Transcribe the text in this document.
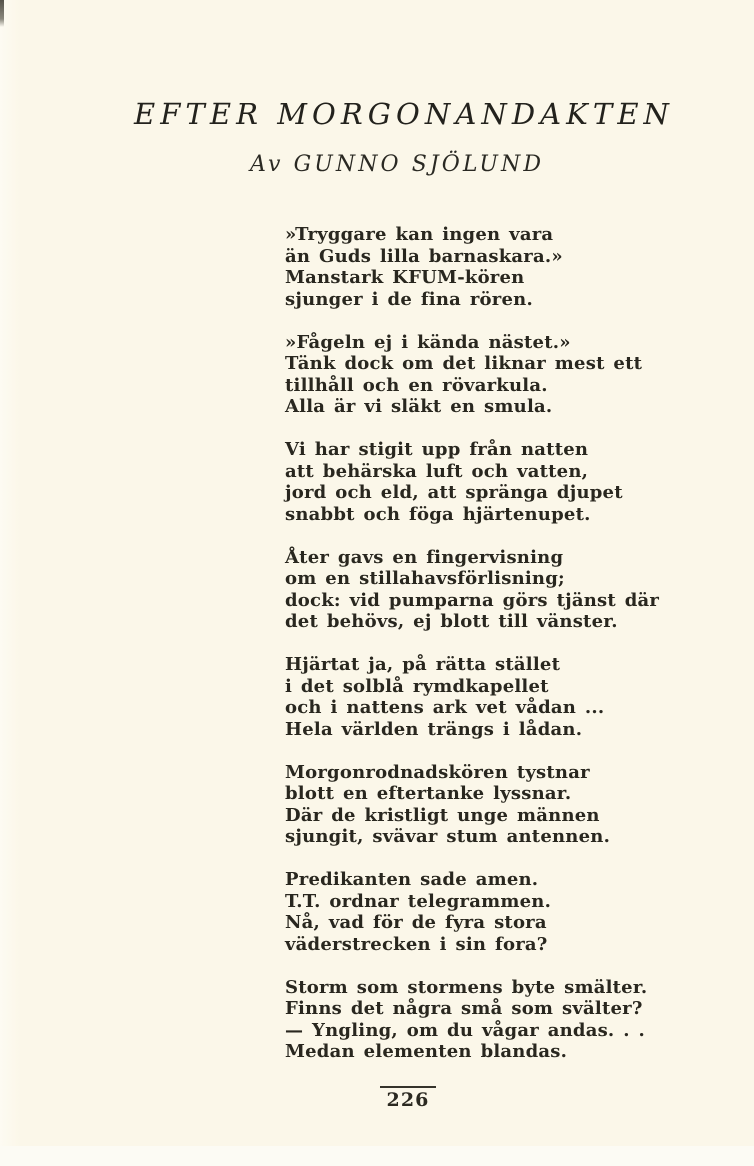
EFTER MORGONANDAKTEN
Av GUNNO SJÖLUND

»Tryggare kan ingen vara

än Guds lilla barnaskara.»

Manstark KFUM-kören

sjunger i de fina rören.

»Fågeln ej i kända nästet.»

Tänk dock om det liknar mest ett

tillhåll och en rövarkula.

Alla är vi släkt en smula.

Vi har stigit upp från natten

att behärska luft och vatten,

jord och eld, att spränga djupet

snabbt och föga hjärtenupet.

Åter gavs en fingervisning

om en stillahavsförlisning;

dock: vid pumparna görs tjänst där

det behövs, ej blott till vänster.

Hjärtat ja, på rätta stället

i det solblå rymdkapellet

och i nattens ark vet vådan ...

Hela världen trängs i lådan.

Morgonrodnadskören tystnar

blott en eftertanke lyssnar.

Där de kristligt unge männen

sjungit, svävar stum antennen.

Predikanten sade amen.

T.T. ordnar telegrammen.

Nå, vad för de fyra stora

väderstrecken i sin fora?

Storm som stormens byte smälter.

Finns det några små som svälter?

— Yngling, om du vågar andas. . .

Medan elementen blandas.

226
